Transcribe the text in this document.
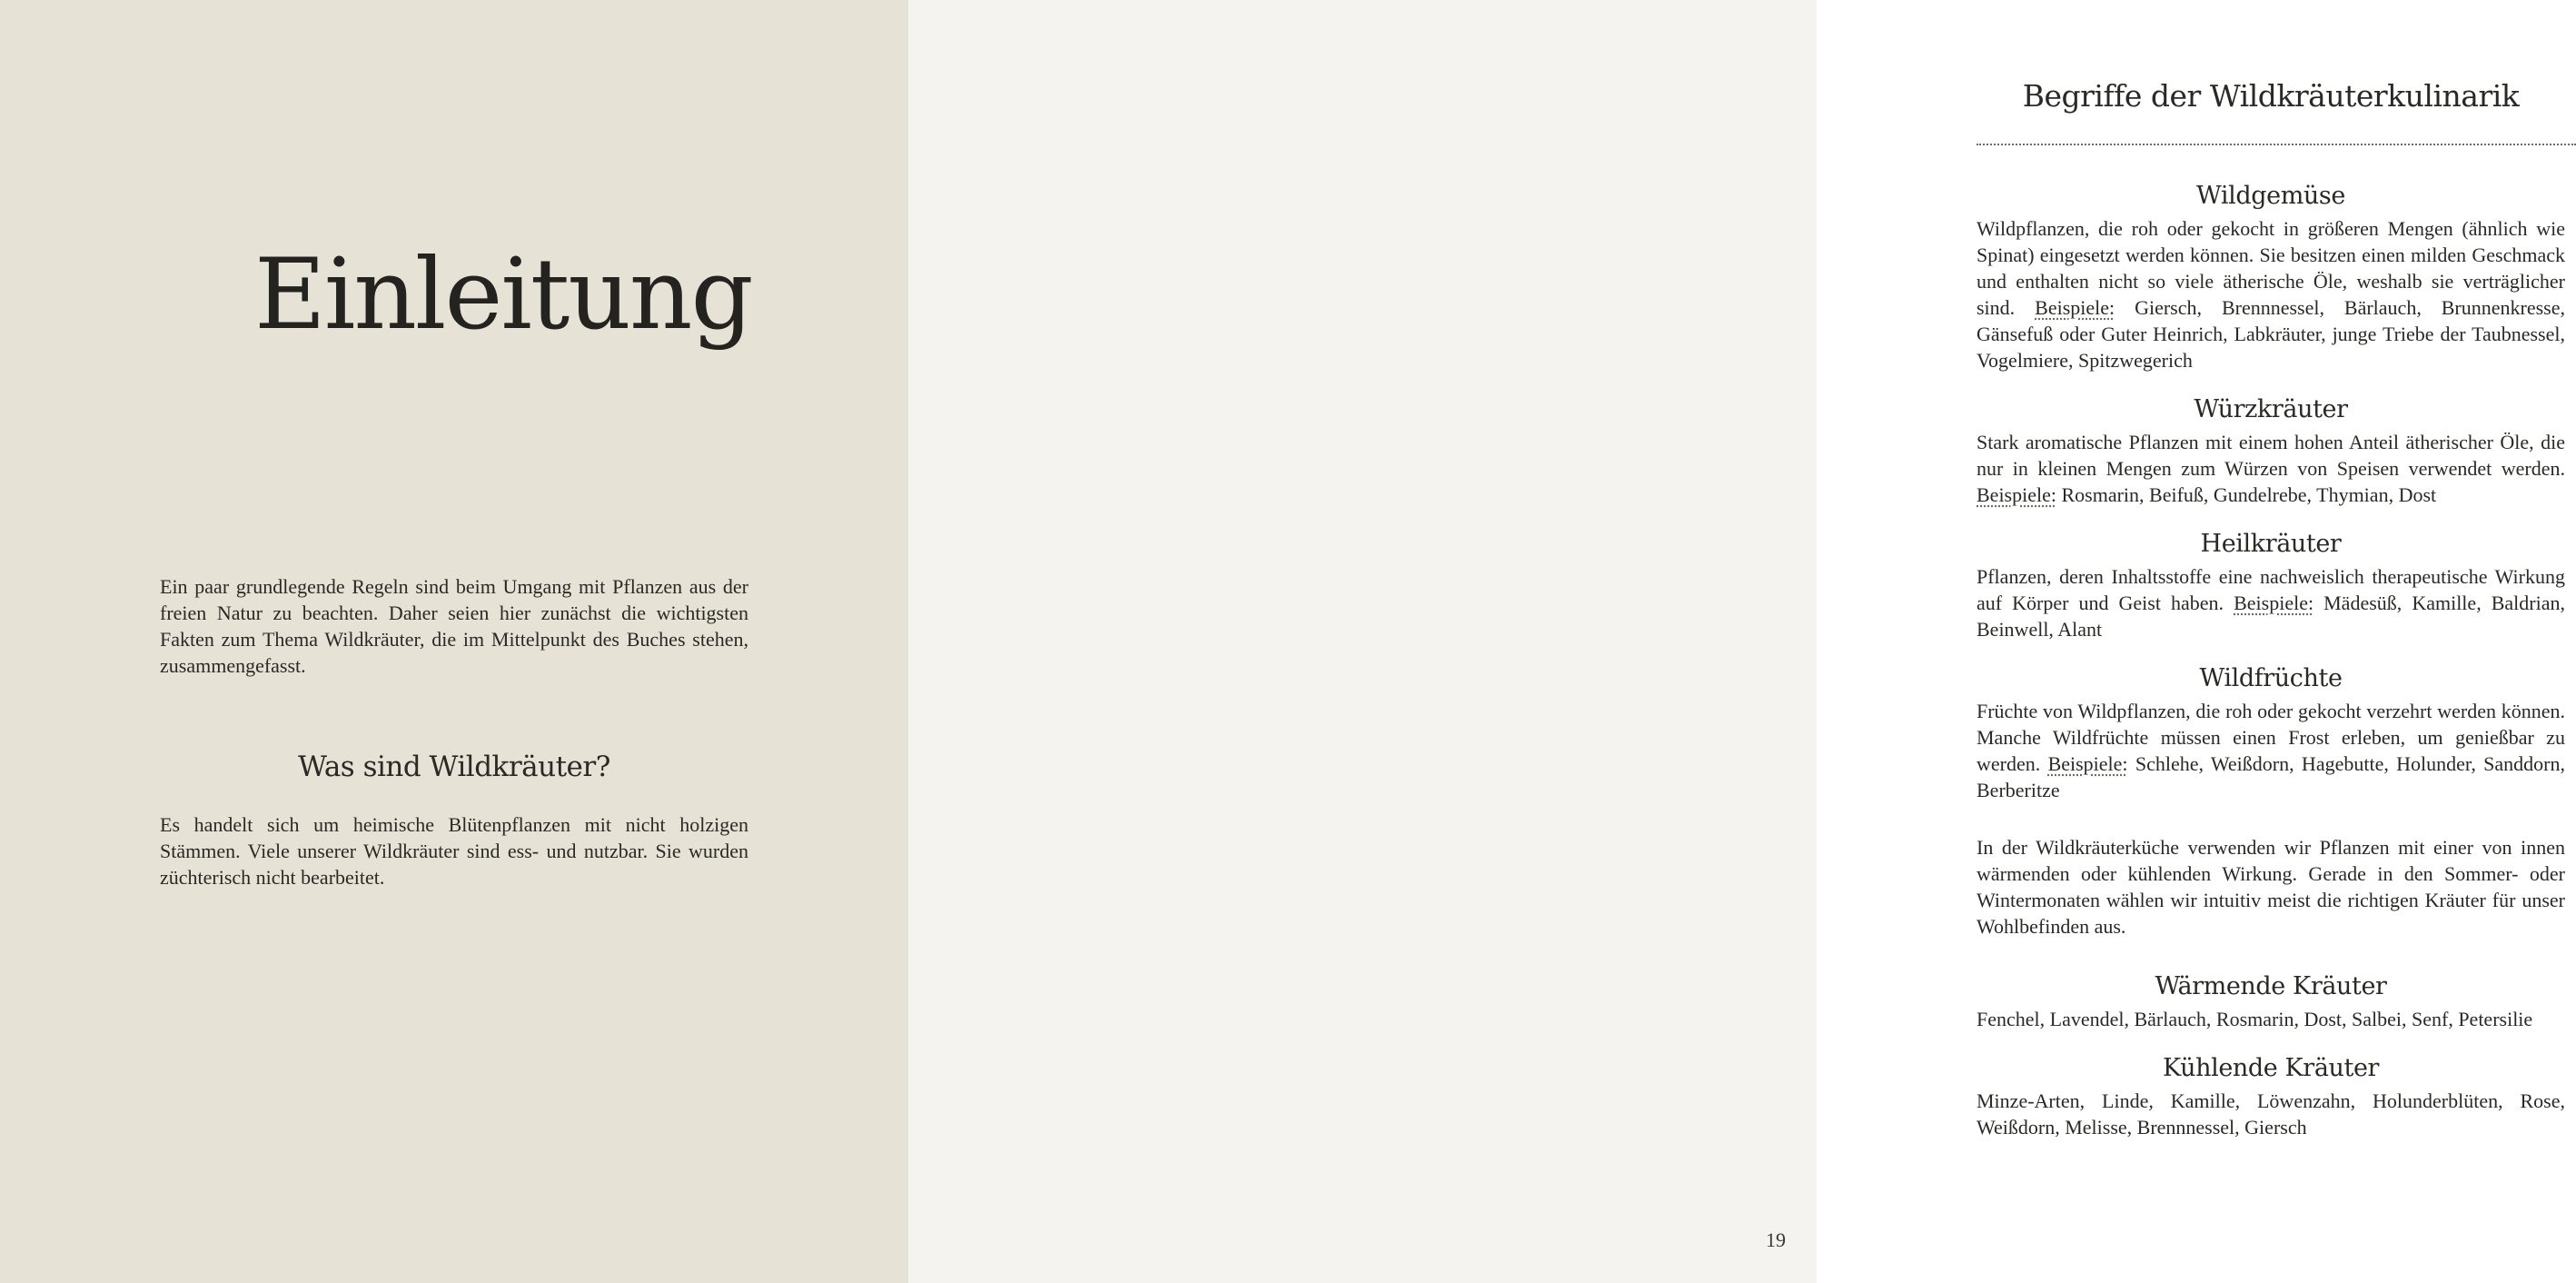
Einleitung

Ein paar grundlegende Regeln sind beim Umgang mit Pflanzen aus der freien Natur zu beachten. Daher seien hier zunächst die wichtigsten Fakten zum Thema Wildkräuter, die im Mittelpunkt des Buches stehen, zusammengefasst.

Was sind Wildkräuter?

Es handelt sich um heimische Blütenpflanzen mit nicht holzigen Stämmen. Viele unserer Wildkräuter sind ess- und nutzbar. Sie wurden züchterisch nicht bearbeitet.

Begriffe der Wildkräuterkulinarik
Wildgemüse

Wildpflanzen, die roh oder gekocht in größeren Mengen (ähnlich wie Spinat) eingesetzt werden können. Sie besitzen einen milden Geschmack und enthalten nicht so viele ätherische Öle, weshalb sie verträglicher sind. Beispiele: Giersch, Brennnessel, Bärlauch, Brunnenkresse, Gänsefuß oder Guter Heinrich, Labkräuter, junge Triebe der Taubnessel, Vogelmiere, Spitzwegerich

Würzkräuter

Stark aromatische Pflanzen mit einem hohen Anteil ätherischer Öle, die nur in kleinen Mengen zum Würzen von Speisen verwendet werden. Beispiele: Rosmarin, Beifuß, Gundelrebe, Thymian, Dost

Heilkräuter

Pflanzen, deren Inhaltsstoffe eine nachweislich therapeutische Wirkung auf Körper und Geist haben. Beispiele: Mädesüß, Kamille, Baldrian, Beinwell, Alant

Wildfrüchte

Früchte von Wildpflanzen, die roh oder gekocht verzehrt werden können. Manche Wildfrüchte müssen einen Frost erleben, um genießbar zu werden. Beispiele: Schlehe, Weißdorn, Hagebutte, Holunder, Sanddorn, Berberitze

In der Wildkräuterküche verwenden wir Pflanzen mit einer von innen wärmenden oder kühlenden Wirkung. Gerade in den Sommer- oder Wintermonaten wählen wir intuitiv meist die richtigen Kräuter für unser Wohlbefinden aus.

Wärmende Kräuter

Fenchel, Lavendel, Bärlauch, Rosmarin, Dost, Salbei, Senf, Petersilie

Kühlende Kräuter

Minze-Arten, Linde, Kamille, Löwenzahn, Holunderblüten, Rose, Weißdorn, Melisse, Brennnessel, Giersch

19
